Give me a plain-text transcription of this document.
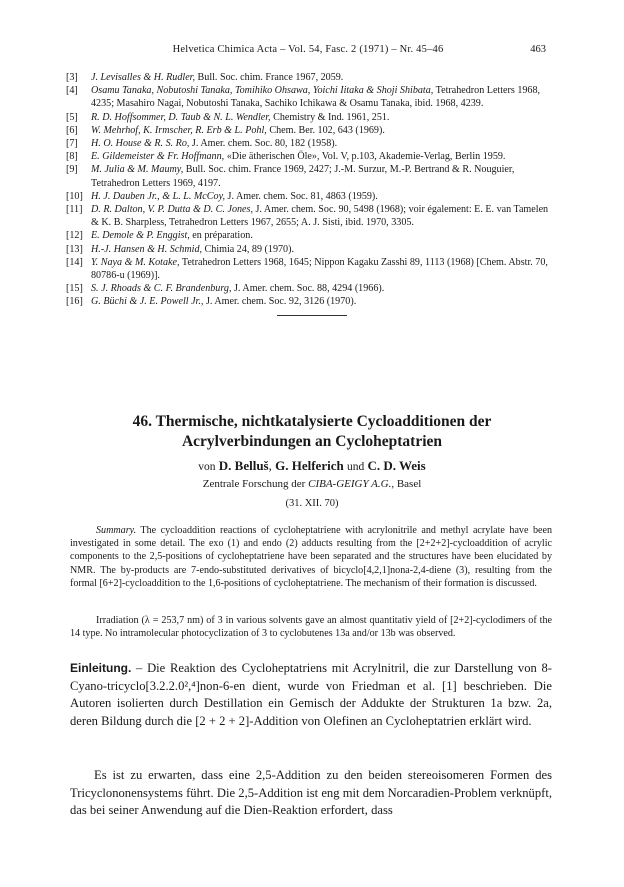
Helvetica Chimica Acta – Vol. 54, Fasc. 2 (1971) – Nr. 45–46	463
[3] J. Levisalles & H. Rudler, Bull. Soc. chim. France 1967, 2059.
[4] Osamu Tanaka, Nobutoshi Tanaka, Tomihiko Ohsawa, Yoichi Iitaka & Shoji Shibata, Tetrahedron Letters 1968, 4235; Masahiro Nagai, Nobutoshi Tanaka, Sachiko Ichikawa & Osamu Tanaka, ibid. 1968, 4239.
[5] R. D. Hoffsommer, D. Taub & N. L. Wendler, Chemistry & Ind. 1961, 251.
[6] W. Mehrhof, K. Irmscher, R. Erb & L. Pohl, Chem. Ber. 102, 643 (1969).
[7] H. O. House & R. S. Ro, J. Amer. chem. Soc. 80, 182 (1958).
[8] E. Gildemeister & Fr. Hoffmann, «Die ätherischen Öle», Vol. V, p.103, Akademie-Verlag, Berlin 1959.
[9] M. Julia & M. Maumy, Bull. Soc. chim. France 1969, 2427; J.-M. Surzur, M.-P. Bertrand & R. Nouguier, Tetrahedron Letters 1969, 4197.
[10] H. J. Dauben Jr., & L. L. McCoy, J. Amer. chem. Soc. 81, 4863 (1959).
[11] D. R. Dalton, V. P. Dutta & D. C. Jones, J. Amer. chem. Soc. 90, 5498 (1968); voir également: E. E. van Tamelen & K. B. Sharpless, Tetrahedron Letters 1967, 2655; A. J. Sisti, ibid. 1970, 3305.
[12] E. Demole & P. Enggist, en préparation.
[13] H.-J. Hansen & H. Schmid, Chimia 24, 89 (1970).
[14] Y. Naya & M. Kotake, Tetrahedron Letters 1968, 1645; Nippon Kagaku Zasshi 89, 1113 (1968) [Chem. Abstr. 70, 80786-u (1969)].
[15] S. J. Rhoads & C. F. Brandenburg, J. Amer. chem. Soc. 88, 4294 (1966).
[16] G. Büchi & J. E. Powell Jr., J. Amer. chem. Soc. 92, 3126 (1970).
46. Thermische, nichtkatalysierte Cycloadditionen der Acrylverbindungen an Cycloheptatrien
von D. Belluš, G. Helferich und C. D. Weis
Zentrale Forschung der CIBA-GEIGY A.G., Basel
(31. XII. 70)

Summary. The cycloaddition reactions of cycloheptatriene with acrylonitrile and methyl acrylate have been investigated in some detail. The exo (1) and endo (2) adducts resulting from the [2+2+2]-cycloaddition of acrylic components to the 2,5-positions of cycloheptatriene have been separated and the structures have been elucidated by NMR. The by-products are 7-endo-substituted derivatives of bicyclo[4,2,1]nona-2,4-diene (3), resulting from the formal [6+2]-cycloaddition to the 1,6-positions of cycloheptatriene. The mechanism of their formation is discussed.

Irradiation (λ = 253,7 nm) of 3 in various solvents gave an almost quantitativ yield of [2+2]-cyclodimers of the 14 type. No intramolecular photocyclization of 3 to cyclobutenes 13a and/or 13b was observed.

Einleitung. – Die Reaktion des Cycloheptatriens mit Acrylnitril, die zur Darstellung von 8-Cyano-tricyclo[3.2.2.0²,⁴]non-6-en dient, wurde von Friedman et al. [1] beschrieben. Die Autoren isolierten durch Destillation ein Gemisch der Addukte der Strukturen 1a bzw. 2a, deren Bildung durch die [2 + 2 + 2]-Addition von Olefinen an Cycloheptatrien erklärt wird.

Es ist zu erwarten, dass eine 2,5-Addition zu den beiden stereoisomeren Formen des Tricyclononensystems führt. Die 2,5-Addition ist eng mit dem Norcaradien-Problem verknüpft, das bei seiner Anwendung auf die Dien-Reaktion erfordert, dass
